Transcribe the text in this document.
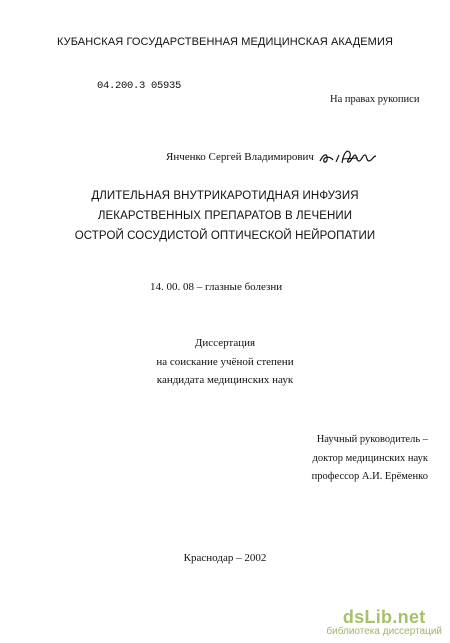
КУБАНСКАЯ ГОСУДАРСТВЕННАЯ МЕДИЦИНСКАЯ АКАДЕМИЯ
04.200.3 05935
На правах рукописи
Янченко Сергей Владимирович
ДЛИТЕЛЬНАЯ ВНУТРИКАРОТИДНАЯ ИНФУЗИЯ
ЛЕКАРСТВЕННЫХ ПРЕПАРАТОВ В ЛЕЧЕНИИ
ОСТРОЙ СОСУДИСТОЙ ОПТИЧЕСКОЙ НЕЙРОПАТИИ
14. 00. 08 – глазные болезни
Диссертация
на соискание учёной степени
кандидата медицинских наук
Научный руководитель –
доктор медицинских наук
профессор А.И. Ерёменко
Краснодар – 2002
dsLib.net
библиотека диссертаций
